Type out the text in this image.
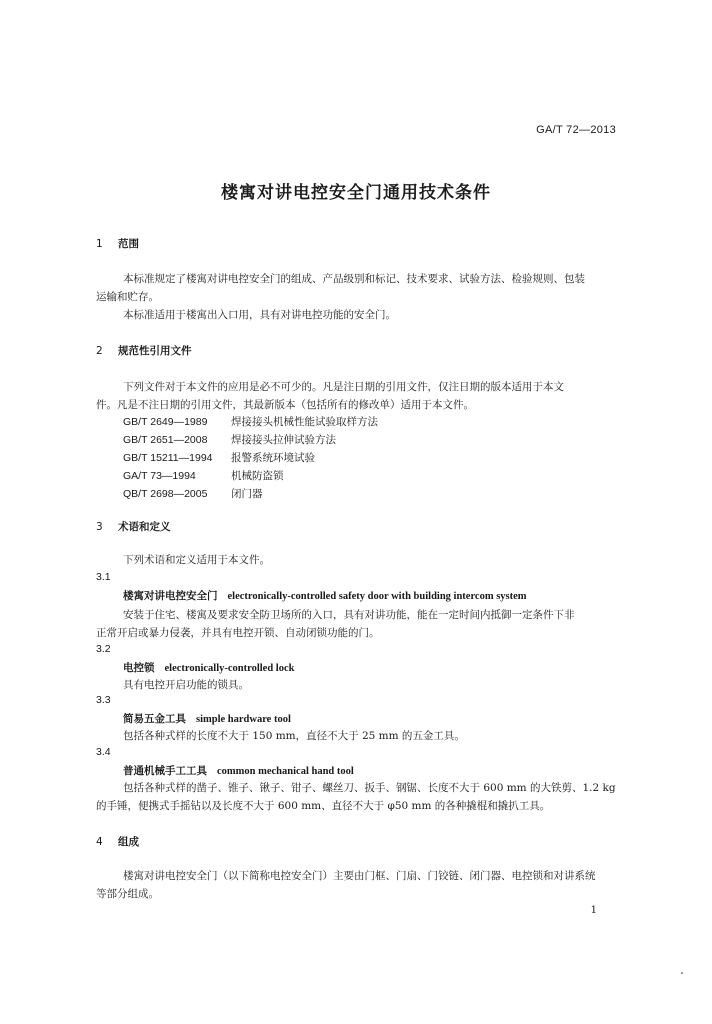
GA/T 72—2013
楼寓对讲电控安全门通用技术条件
1 范围
本标准规定了楼寓对讲电控安全门的组成、产品级别和标记、技术要求、试验方法、检验规则、包装
运输和贮存。
本标准适用于楼寓出入口用，具有对讲电控功能的安全门。
2 规范性引用文件
下列文件对于本文件的应用是必不可少的。凡是注日期的引用文件，仅注日期的版本适用于本文
件。凡是不注日期的引用文件，其最新版本（包括所有的修改单）适用于本文件。
GB/T 2649—1989 焊接接头机械性能试验取样方法
GB/T 2651—2008 焊接接头拉伸试验方法
GB/T 15211—1994 报警系统环境试验
GA/T 73—1994	机械防盗锁
QB/T 2698—2005 闭门器
3 术语和定义
下列术语和定义适用于本文件。
3.1
楼寓对讲电控安全门 electronically-controlled safety door with building intercom system
安装于住宅、楼寓及要求安全防卫场所的入口，具有对讲功能，能在一定时间内抵御一定条件下非
正常开启或暴力侵袭，并具有电控开锁、自动闭锁功能的门。
3.2
电控锁 electronically-controlled lock
具有电控开启功能的锁具。
3.3
简易五金工具 simple hardware tool
包括各种式样的长度不大于 150 mm，直径不大于 25 mm 的五金工具。
3.4
普通机械手工工具 common mechanical hand tool
包括各种式样的凿子、锥子、锹子、钳子、螺丝刀、扳手、钢锯、长度不大于 600 mm 的大铁剪、1.2 kg
的手锤，便携式手摇钻以及长度不大于 600 mm、直径不大于 φ50 mm 的各种撬棍和撬扒工具。
4 组成
楼寓对讲电控安全门（以下简称电控安全门）主要由门框、门扇、门铰链、闭门器、电控锁和对讲系统
等部分组成。
1
